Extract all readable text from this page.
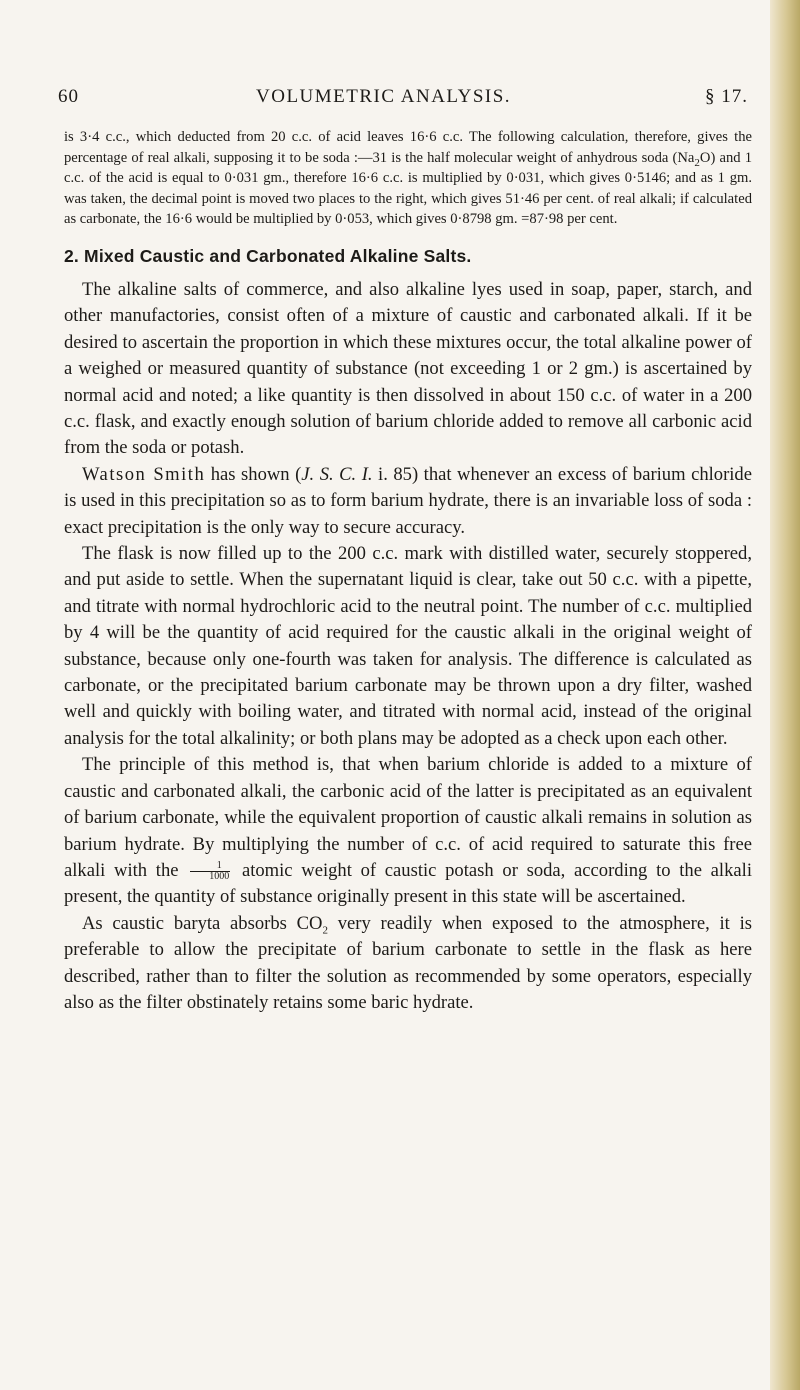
60	VOLUMETRIC ANALYSIS.	§ 17.

is 3·4 c.c., which deducted from 20 c.c. of acid leaves 16·6 c.c. The following calculation, therefore, gives the percentage of real alkali, supposing it to be soda :—31 is the half molecular weight of anhydrous soda $(Na_2O)$ and 1 c.c. of the acid is equal to 0·031 gm., therefore 16·6 c.c. is multiplied by 0·031, which gives 0·5146; and as 1 gm. was taken, the decimal point is moved two places to the right, which gives 51·46 per cent. of real alkali; if calculated as carbonate, the 16·6 would be multiplied by 0·053, which gives 0·8798 gm. =87·98 per cent.

2. Mixed Caustic and Carbonated Alkaline Salts.

The alkaline salts of commerce, and also alkaline lyes used in soap, paper, starch, and other manufactories, consist often of a mixture of caustic and carbonated alkali. If it be desired to ascertain the proportion in which these mixtures occur, the total alkaline power of a weighed or measured quantity of substance (not exceeding 1 or 2 gm.) is ascertained by normal acid and noted; a like quantity is then dissolved in about 150 c.c. of water in a 200 c.c. flask, and exactly enough solution of barium chloride added to remove all carbonic acid from the soda or potash.

Watson Smith has shown (J. S. C. I. i. 85) that whenever an excess of barium chloride is used in this precipitation so as to form barium hydrate, there is an invariable loss of soda : exact precipitation is the only way to secure accuracy.

The flask is now filled up to the 200 c.c. mark with distilled water, securely stoppered, and put aside to settle. When the supernatant liquid is clear, take out 50 c.c. with a pipette, and titrate with normal hydrochloric acid to the neutral point. The number of c.c. multiplied by 4 will be the quantity of acid required for the caustic alkali in the original weight of substance, because only one-fourth was taken for analysis. The difference is calculated as carbonate, or the precipitated barium carbonate may be thrown upon a dry filter, washed well and quickly with boiling water, and titrated with normal acid, instead of the original analysis for the total alkalinity; or both plans may be adopted as a check upon each other.

The principle of this method is, that when barium chloride is added to a mixture of caustic and carbonated alkali, the carbonic acid of the latter is precipitated as an equivalent of barium carbonate, while the equivalent proportion of caustic alkali remains in solution as barium hydrate. By multiplying the number of c.c. of acid required to saturate this free alkali with the $\frac{1}{1000}$ atomic weight of caustic potash or soda, according to the alkali present, the quantity of substance originally present in this state will be ascertained.

As caustic baryta absorbs $CO_2$ very readily when exposed to the atmosphere, it is preferable to allow the precipitate of barium carbonate to settle in the flask as here described, rather than to filter the solution as recommended by some operators, especially also as the filter obstinately retains some baric hydrate.
